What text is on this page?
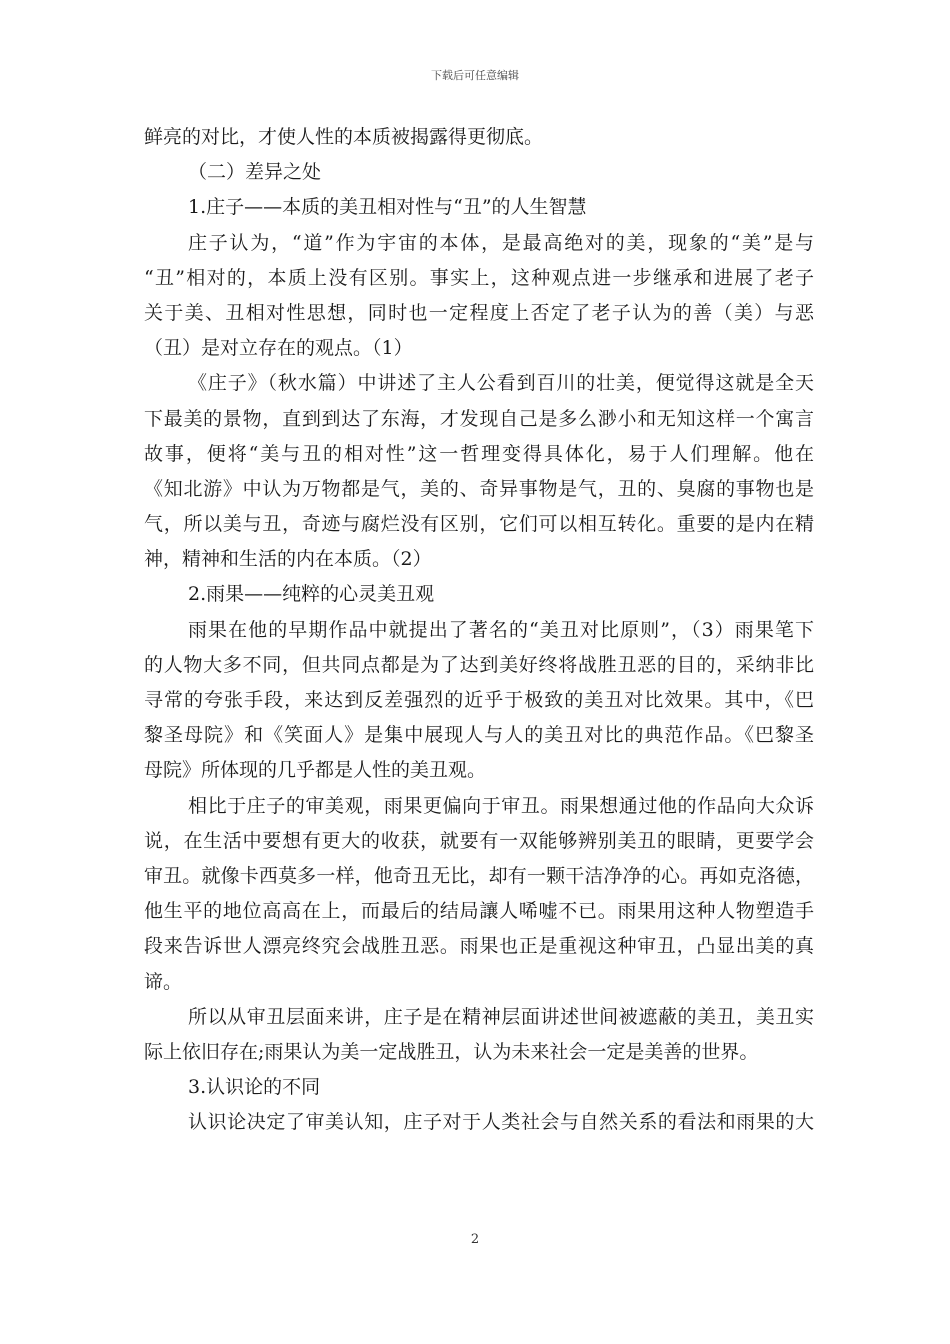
下载后可任意编辑
鲜亮的对比，才使人性的本质被揭露得更彻底。
（二）差异之处
1.庄子——本质的美丑相对性与“丑”的人生智慧
庄子认为，“道”作为宇宙的本体，是最高绝对的美，现象的“美”是与
“丑”相对的，本质上没有区别。事实上，这种观点进一步继承和进展了老子
关于美、丑相对性思想，同时也一定程度上否定了老子认为的善（美）与恶
（丑）是对立存在的观点。（1）
《庄子》（秋水篇）中讲述了主人公看到百川的壮美，便觉得这就是全天
下最美的景物，直到到达了东海，才发现自己是多么渺小和无知这样一个寓言
故事，便将“美与丑的相对性”这一哲理变得具体化，易于人们理解。他在
《知北游》中认为万物都是气，美的、奇异事物是气，丑的、臭腐的事物也是
气，所以美与丑，奇迹与腐烂没有区别，它们可以相互转化。重要的是内在精
神，精神和生活的内在本质。（2）
2.雨果——纯粹的心灵美丑观
雨果在他的早期作品中就提出了著名的“美丑对比原则”，（3）雨果笔下
的人物大多不同，但共同点都是为了达到美好终将战胜丑恶的目的，采纳非比
寻常的夸张手段，来达到反差强烈的近乎于极致的美丑对比效果。其中，《巴
黎圣母院》和《笑面人》是集中展现人与人的美丑对比的典范作品。《巴黎圣
母院》所体现的几乎都是人性的美丑观。
相比于庄子的审美观，雨果更偏向于审丑。雨果想通过他的作品向大众诉
说，在生活中要想有更大的收获，就要有一双能够辨别美丑的眼睛，更要学会
审丑。就像卡西莫多一样，他奇丑无比，却有一颗干洁净净的心。再如克洛德，
他生平的地位高高在上，而最后的结局讓人唏嘘不已。雨果用这种人物塑造手
段来告诉世人漂亮终究会战胜丑恶。雨果也正是重视这种审丑，凸显出美的真
谛。
所以从审丑层面来讲，庄子是在精神层面讲述世间被遮蔽的美丑，美丑实
际上依旧存在;雨果认为美一定战胜丑，认为未来社会一定是美善的世界。
3.认识论的不同
认识论决定了审美认知，庄子对于人类社会与自然关系的看法和雨果的大
2
